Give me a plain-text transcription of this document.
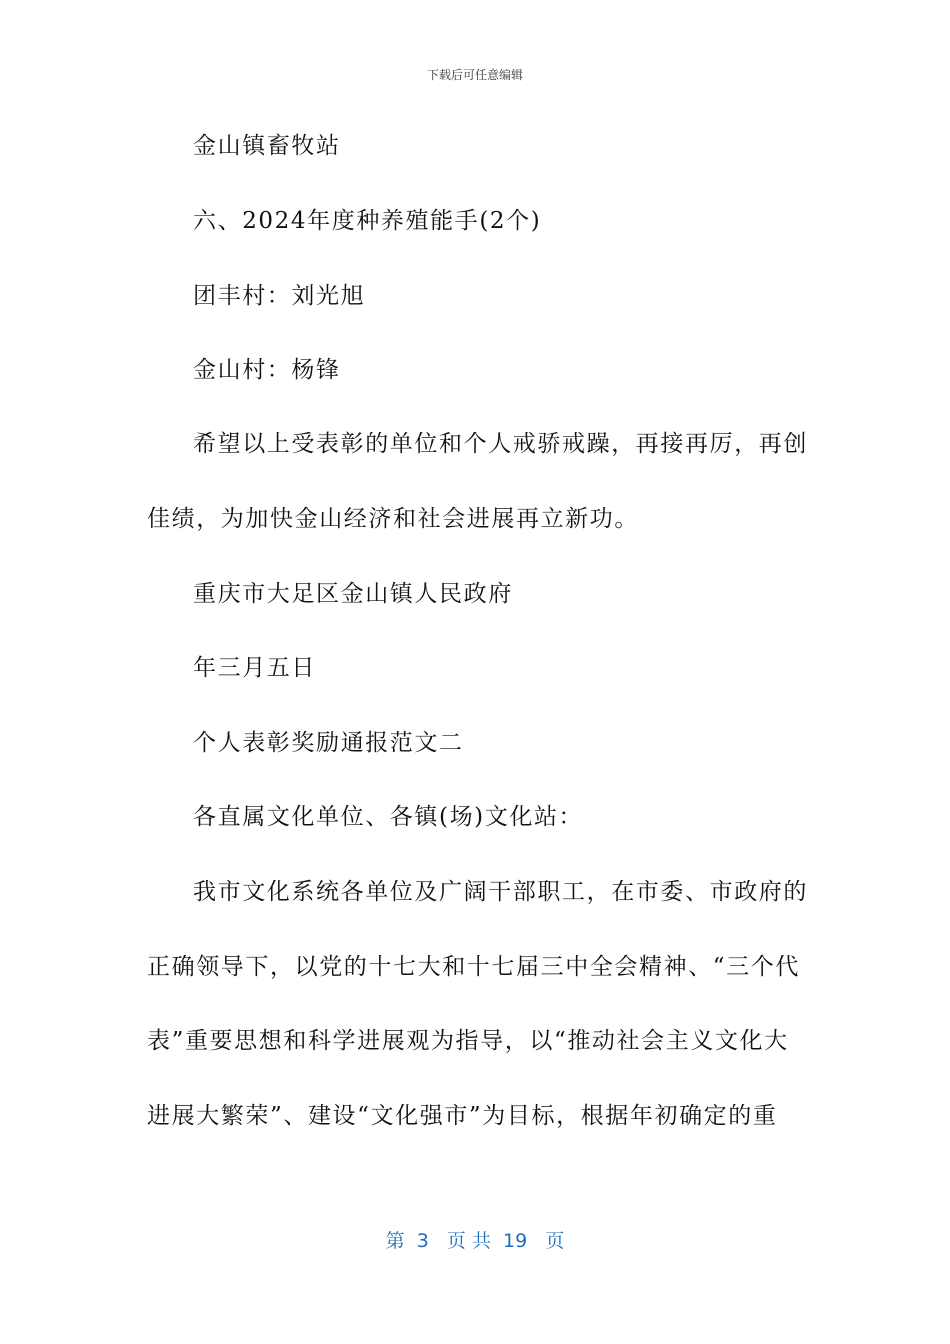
下载后可任意编辑
金山镇畜牧站
六、2024年度种养殖能手(2个)
团丰村：刘光旭
金山村：杨锋
希望以上受表彰的单位和个人戒骄戒躁，再接再厉，再创
佳绩，为加快金山经济和社会进展再立新功。
重庆市大足区金山镇人民政府
年三月五日
个人表彰奖励通报范文二
各直属文化单位、各镇(场)文化站：
我市文化系统各单位及广阔干部职工，在市委、市政府的
正确领导下，以党的十七大和十七届三中全会精神、“三个代
表”重要思想和科学进展观为指导，以“推动社会主义文化大
进展大繁荣”、建设“文化强市”为目标，根据年初确定的重
第  3   页 共  19   页
